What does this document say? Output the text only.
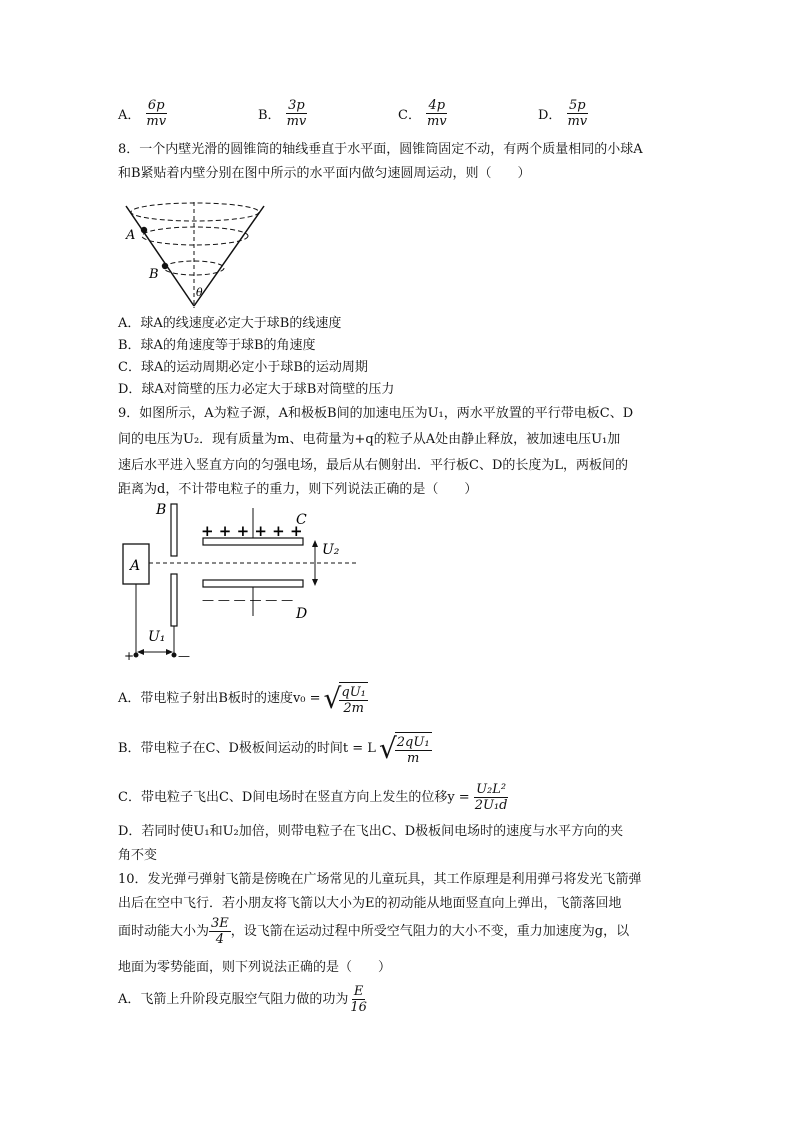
A． $\frac{6p}{mv}$	B． $\frac{3p}{mv}$	C． $\frac{4p}{mv}$	D． $\frac{5p}{mv}$
8．一个内壁光滑的圆锥筒的轴线垂直于水平面，圆锥筒固定不动，有两个质量相同的小球A
和B紧贴着内壁分别在图中所示的水平面内做匀速圆周运动，则（　　）
A
B
θ
A．球A的线速度必定大于球B的线速度
B．球A的角速度等于球B的角速度
C．球A的运动周期必定小于球B的运动周期
D．球A对筒壁的压力必定大于球B对筒壁的压力
9．如图所示，A为粒子源，A和极板B间的加速电压为U₁，两水平放置的平行带电板C、D
间的电压为U₂．现有质量为m、电荷量为+q的粒子从A处由静止释放，被加速电压U₁加
速后水平进入竖直方向的匀强电场，最后从右侧射出．平行板C、D的长度为L，两板间的
距离为d，不计带电粒子的重力，则下列说法正确的是（　　）
A
B
+ + + + + +
C
— — — — — —
D
U₂
U₁
+	—
A．带电粒子射出B板时的速度v₀ = √
$\frac{\text{qU₁}}{2m}$
B．带电粒子在C、D极板间运动的时间t = L √
$\frac{\text{2qU₁}}{m}$
C．带电粒子飞出C、D间电场时在竖直方向上发生的位移$y = \frac{\text{U₂L²}}{\text{2U₁d}}$
D．若同时使U₁和U₂加倍，则带电粒子在飞出C、D极板间电场时的速度与水平方向的夹
角不变
10．发光弹弓弹射飞箭是傍晚在广场常见的儿童玩具，其工作原理是利用弹弓将发光飞箭弹
出后在空中飞行．若小朋友将飞箭以大小为E的初动能从地面竖直向上弹出，飞箭落回地
面时动能大小为 $\frac{3E}{4}$ ，设飞箭在运动过程中所受空气阻力的大小不变，重力加速度为g，以
地面为零势能面，则下列说法正确的是（　　）
A．飞箭上升阶段克服空气阻力做的功为 $\frac{E}{16}$
